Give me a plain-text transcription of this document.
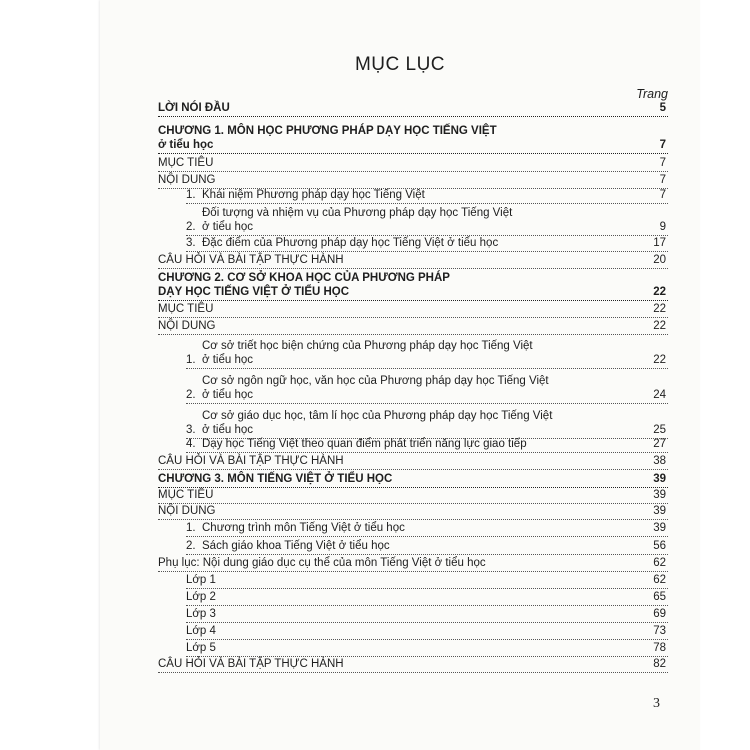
MỤC LỤC
Trang
LỜI NÓI ĐẦU	5
CHƯƠNG 1. MÔN HỌC PHƯƠNG PHÁP DẠY HỌC TIẾNG VIỆT
ở tiểu học	7
MỤC TIÊU	7
NỘI DUNG	7
1. Khái niệm Phương pháp dạy học Tiếng Việt	7
2.
Đối tượng và nhiệm vụ của Phương pháp dạy học Tiếng Việt
ở tiểu học	9
3. Đặc điểm của Phương pháp dạy học Tiếng Việt ở tiểu học	17
CÂU HỎI VÀ BÀI TẬP THỰC HÀNH	20
CHƯƠNG 2. CƠ SỞ KHOA HỌC CỦA PHƯƠNG PHÁP
DẠY HỌC TIẾNG VIỆT Ở TIỂU HỌC	22
MỤC TIÊU	22
NỘI DUNG	22
1.
Cơ sở triết học biện chứng của Phương pháp dạy học Tiếng Việt
ở tiểu học	22
2.
Cơ sở ngôn ngữ học, văn học của Phương pháp dạy học Tiếng Việt
ở tiểu học	24
3.
Cơ sở giáo dục học, tâm lí học của Phương pháp dạy học Tiếng Việt
ở tiểu học	25
4. Dạy học Tiếng Việt theo quan điểm phát triển năng lực giao tiếp	27
CÂU HỎI VÀ BÀI TẬP THỰC HÀNH	38
CHƯƠNG 3. MÔN TIẾNG VIỆT Ở TIỂU HỌC	39
MỤC TIÊU	39
NỘI DUNG	39
1. Chương trình môn Tiếng Việt ở tiểu học	39
2. Sách giáo khoa Tiếng Việt ở tiểu học	56
Phụ lục: Nội dung giáo dục cụ thể của môn Tiếng Việt ở tiểu học	62
Lớp 1	62
Lớp 2	65
Lớp 3	69
Lớp 4	73
Lớp 5	78
CÂU HỎI VÀ BÀI TẬP THỰC HÀNH	82
3
